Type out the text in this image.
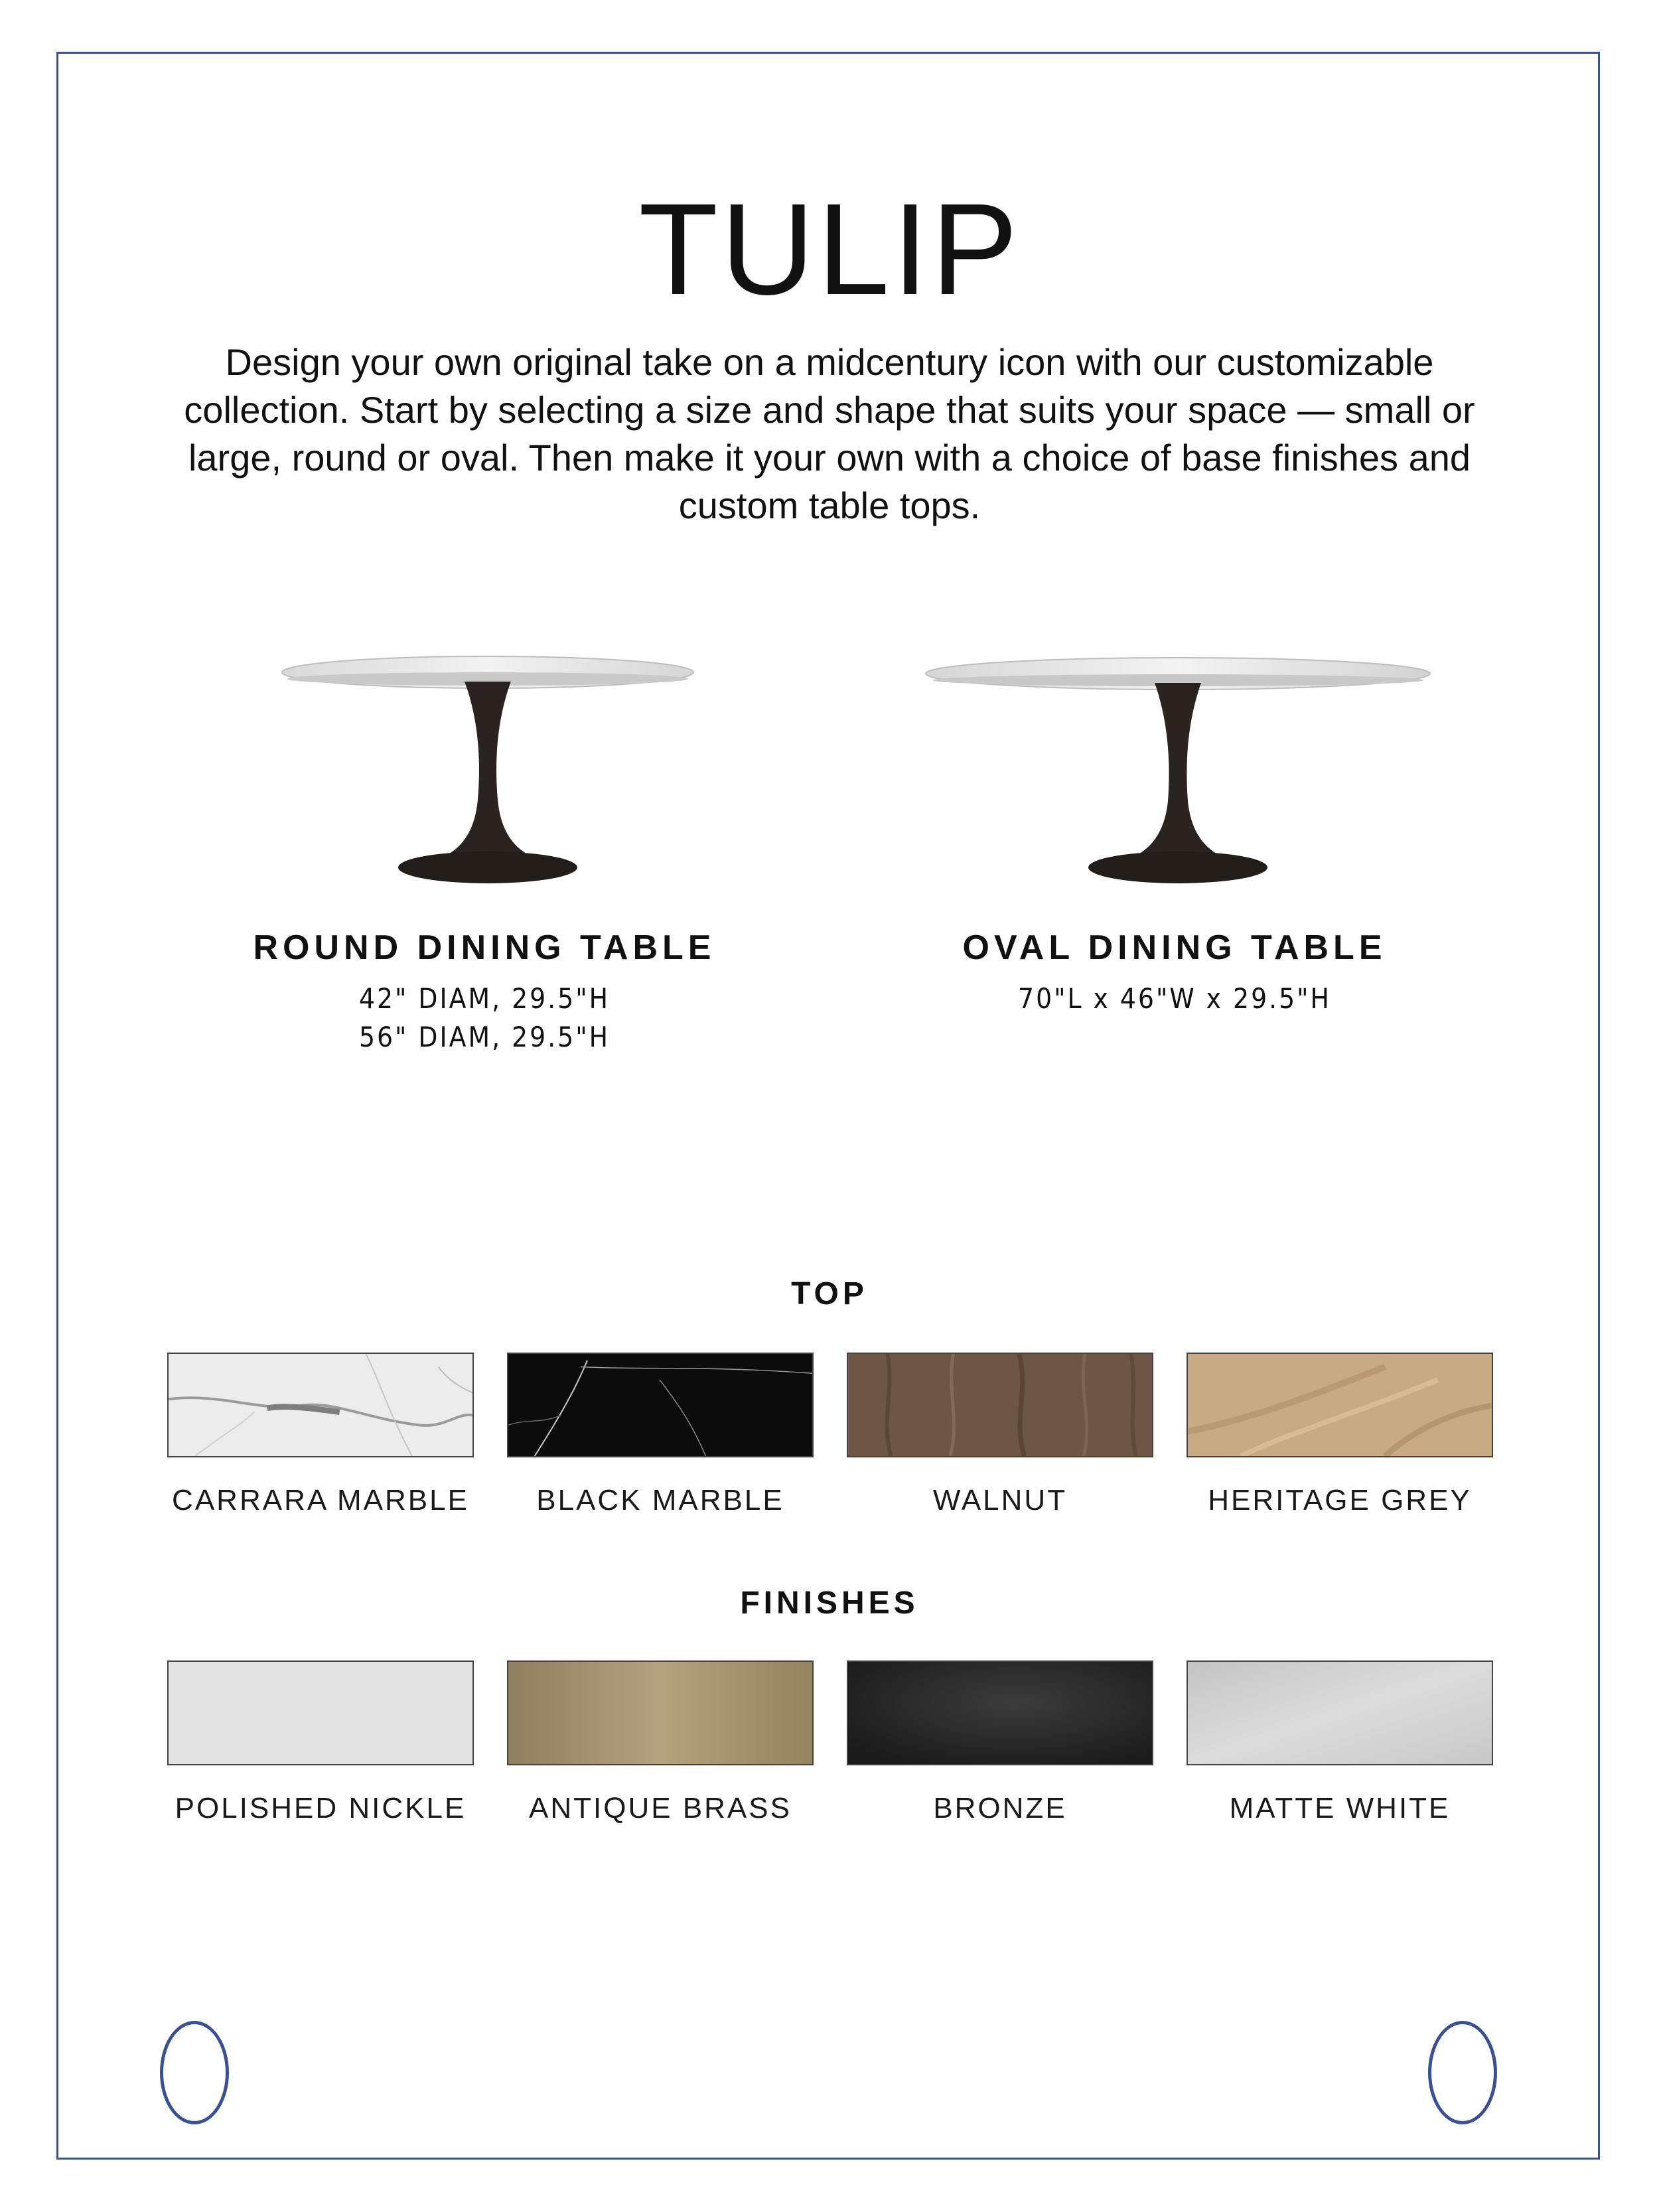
TULIP
Design your own original take on a midcentury icon with our customizable collection. Start by selecting a size and shape that suits your space — small or large, round or oval. Then make it your own with a choice of base finishes and custom table tops.
ROUND DINING TABLE
42" DIAM, 29.5"H
56" DIAM, 29.5"H
OVAL DINING TABLE
70"L x 46"W x 29.5"H
TOP
CARRARA MARBLE	BLACK MARBLE	WALNUT	HERITAGE GREY
FINISHES
POLISHED NICKLE	ANTIQUE BRASS	BRONZE	MATTE WHITE
